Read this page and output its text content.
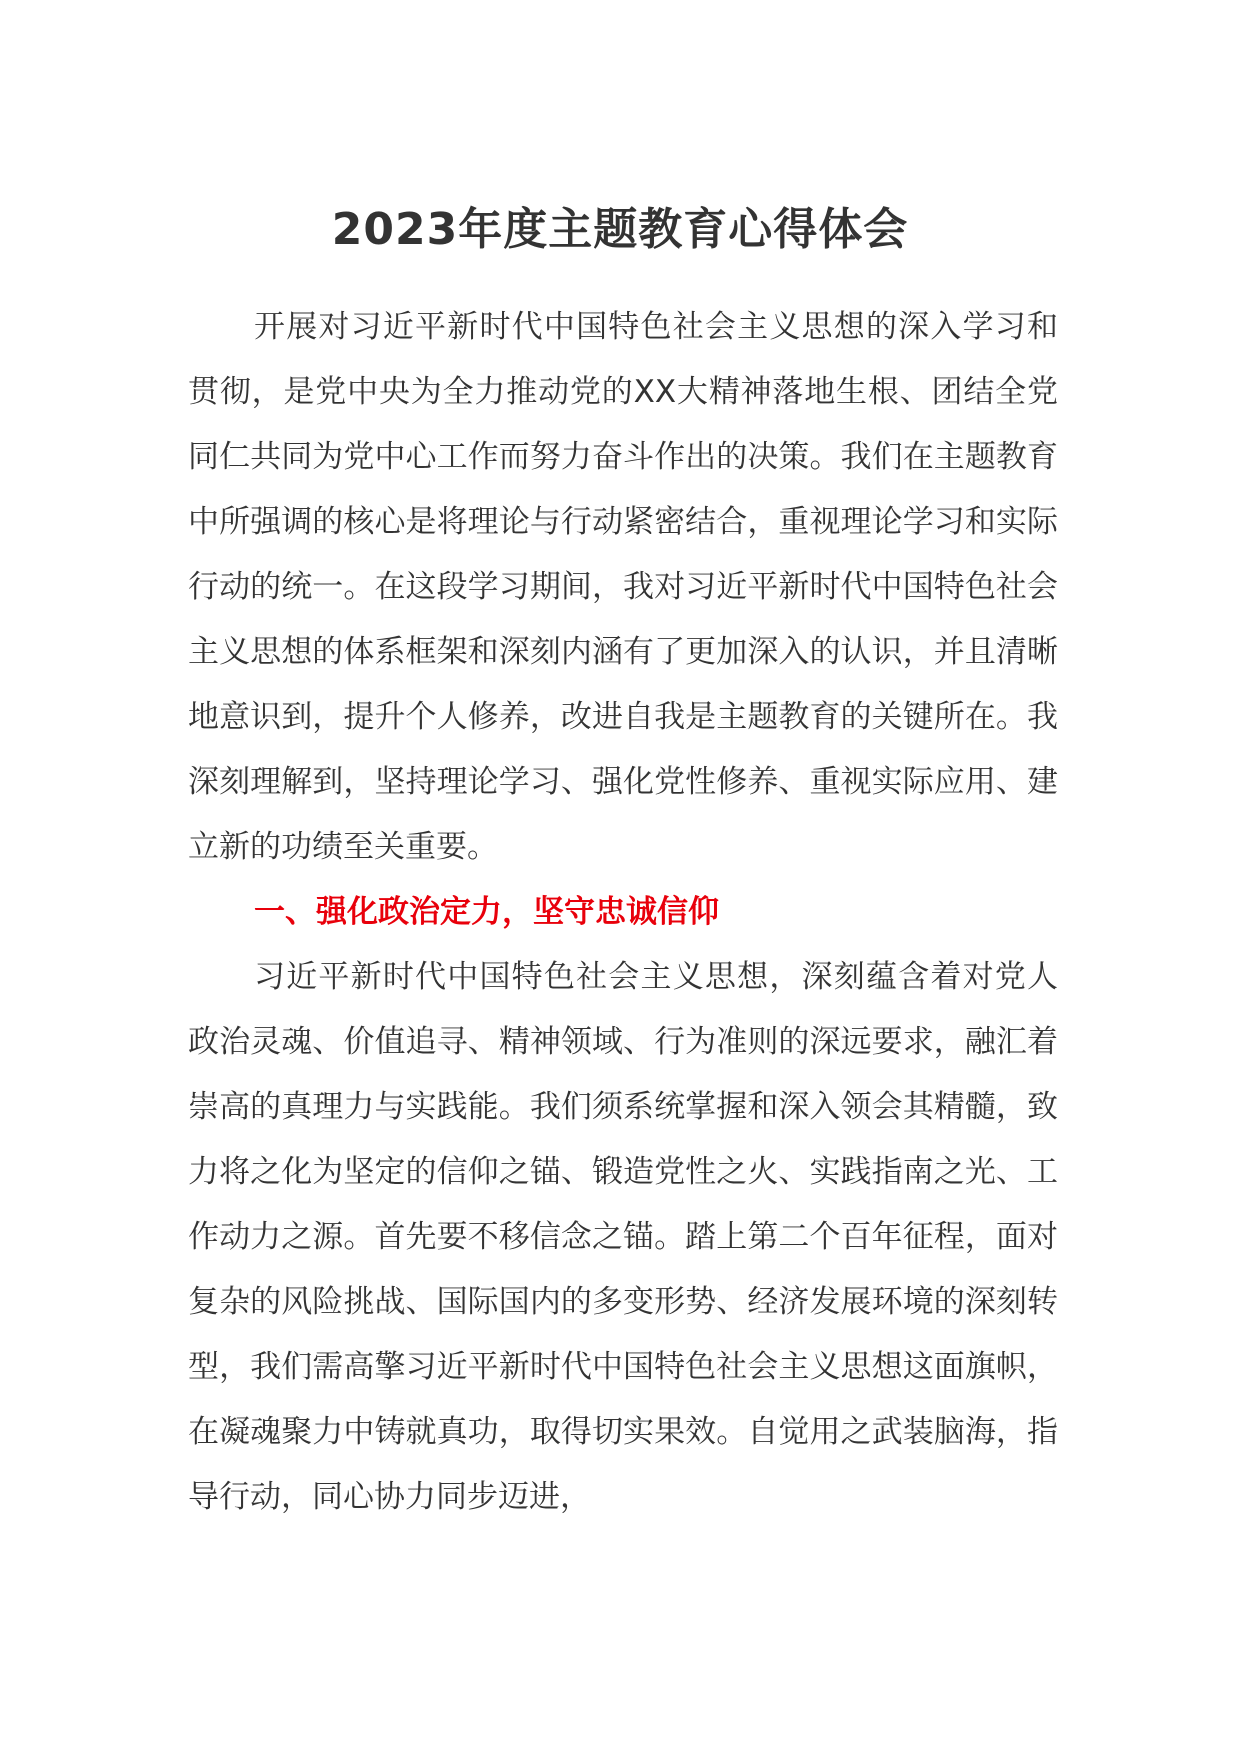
2023年度主题教育心得体会

开展对习近平新时代中国特色社会主义思想的深入学习和贯彻，是党中央为全力推动党的XX大精神落地生根、团结全党同仁共同为党中心工作而努力奋斗作出的决策。我们在主题教育中所强调的核心是将理论与行动紧密结合，重视理论学习和实际行动的统一。在这段学习期间，我对习近平新时代中国特色社会主义思想的体系框架和深刻内涵有了更加深入的认识，并且清晰地意识到，提升个人修养，改进自我是主题教育的关键所在。我深刻理解到，坚持理论学习、强化党性修养、重视实际应用、建立新的功绩至关重要。

一、强化政治定力，坚守忠诚信仰

习近平新时代中国特色社会主义思想，深刻蕴含着对党人政治灵魂、价值追寻、精神领域、行为准则的深远要求，融汇着崇高的真理力与实践能。我们须系统掌握和深入领会其精髓，致力将之化为坚定的信仰之锚、锻造党性之火、实践指南之光、工作动力之源。首先要不移信念之锚。踏上第二个百年征程，面对复杂的风险挑战、国际国内的多变形势、经济发展环境的深刻转型，我们需高擎习近平新时代中国特色社会主义思想这面旗帜，在凝魂聚力中铸就真功，取得切实果效。自觉用之武装脑海，指导行动，同心协力同步迈进，
